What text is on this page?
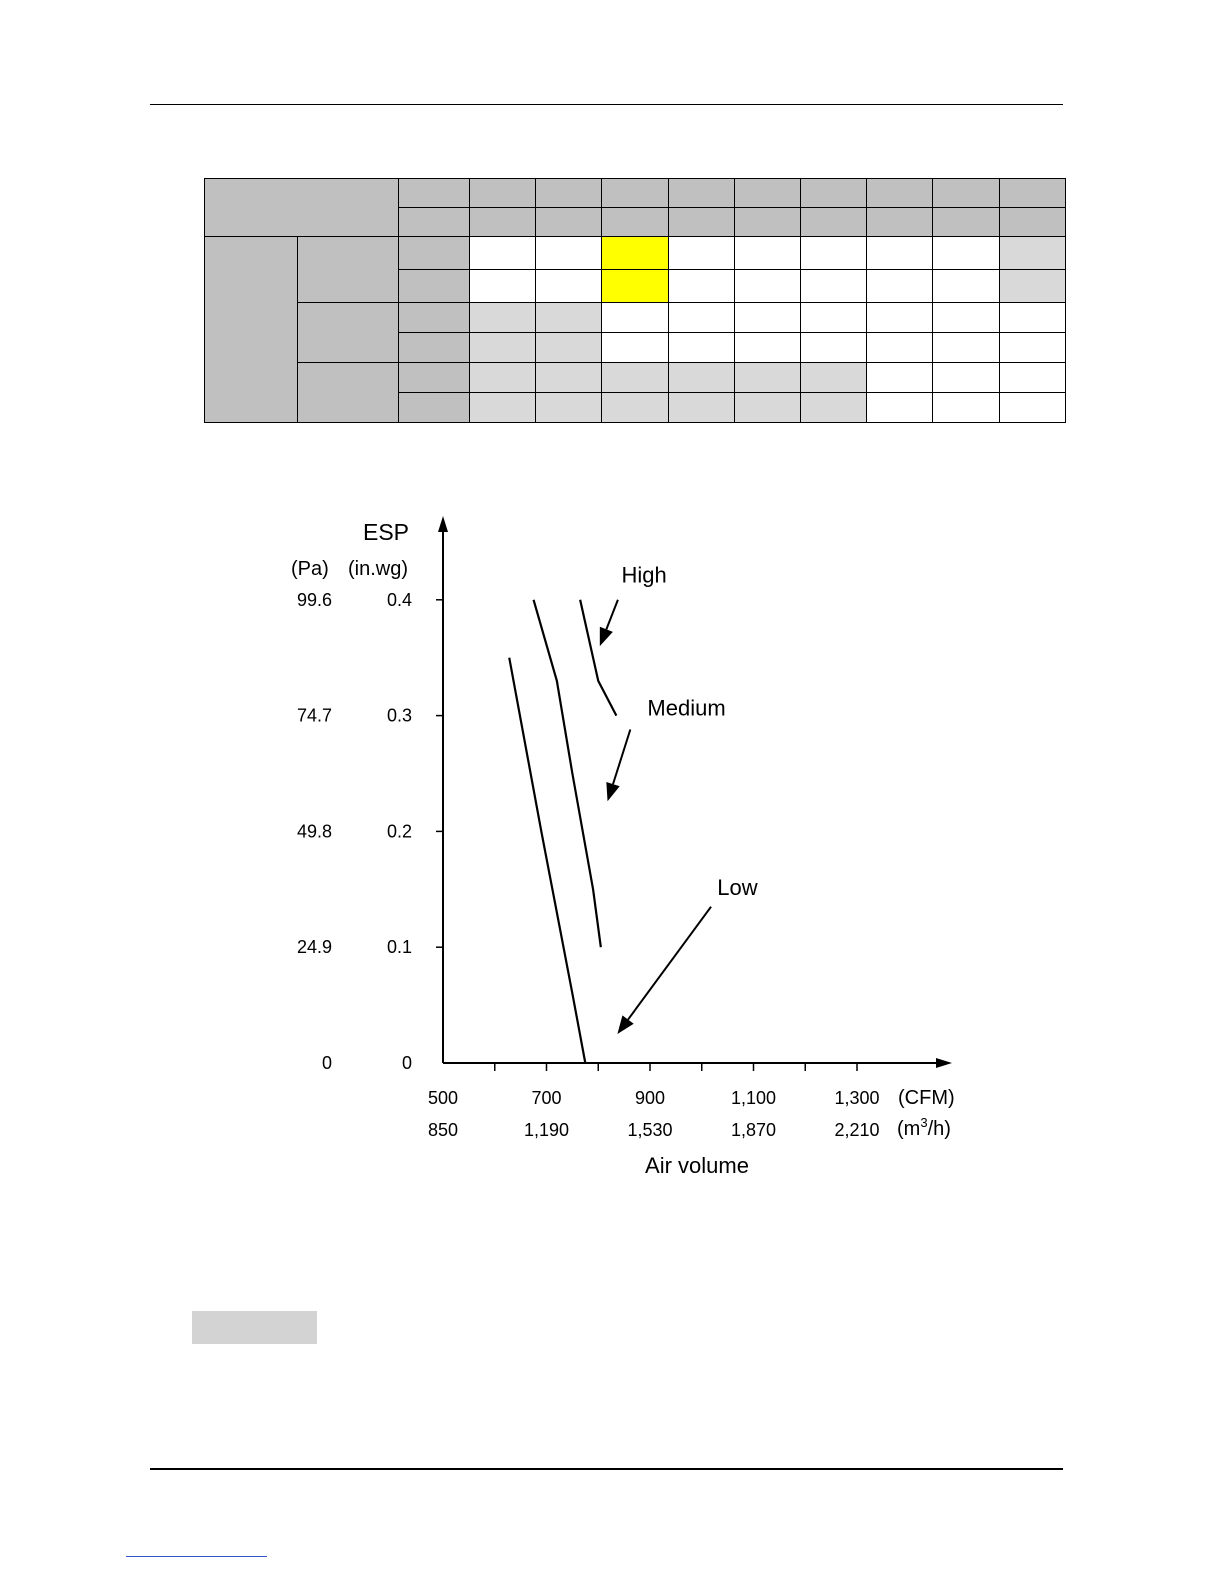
ESP
(Pa) (in.wg)
0
0
0.1
24.9
0.2
49.8
0.3
74.7
0.4
99.6
500	700	900	1,100	1,300
850	1,190	1,530	1,870	2,210
(CFM)
$(m^3/h)$
Air volume
High
Medium
Low
